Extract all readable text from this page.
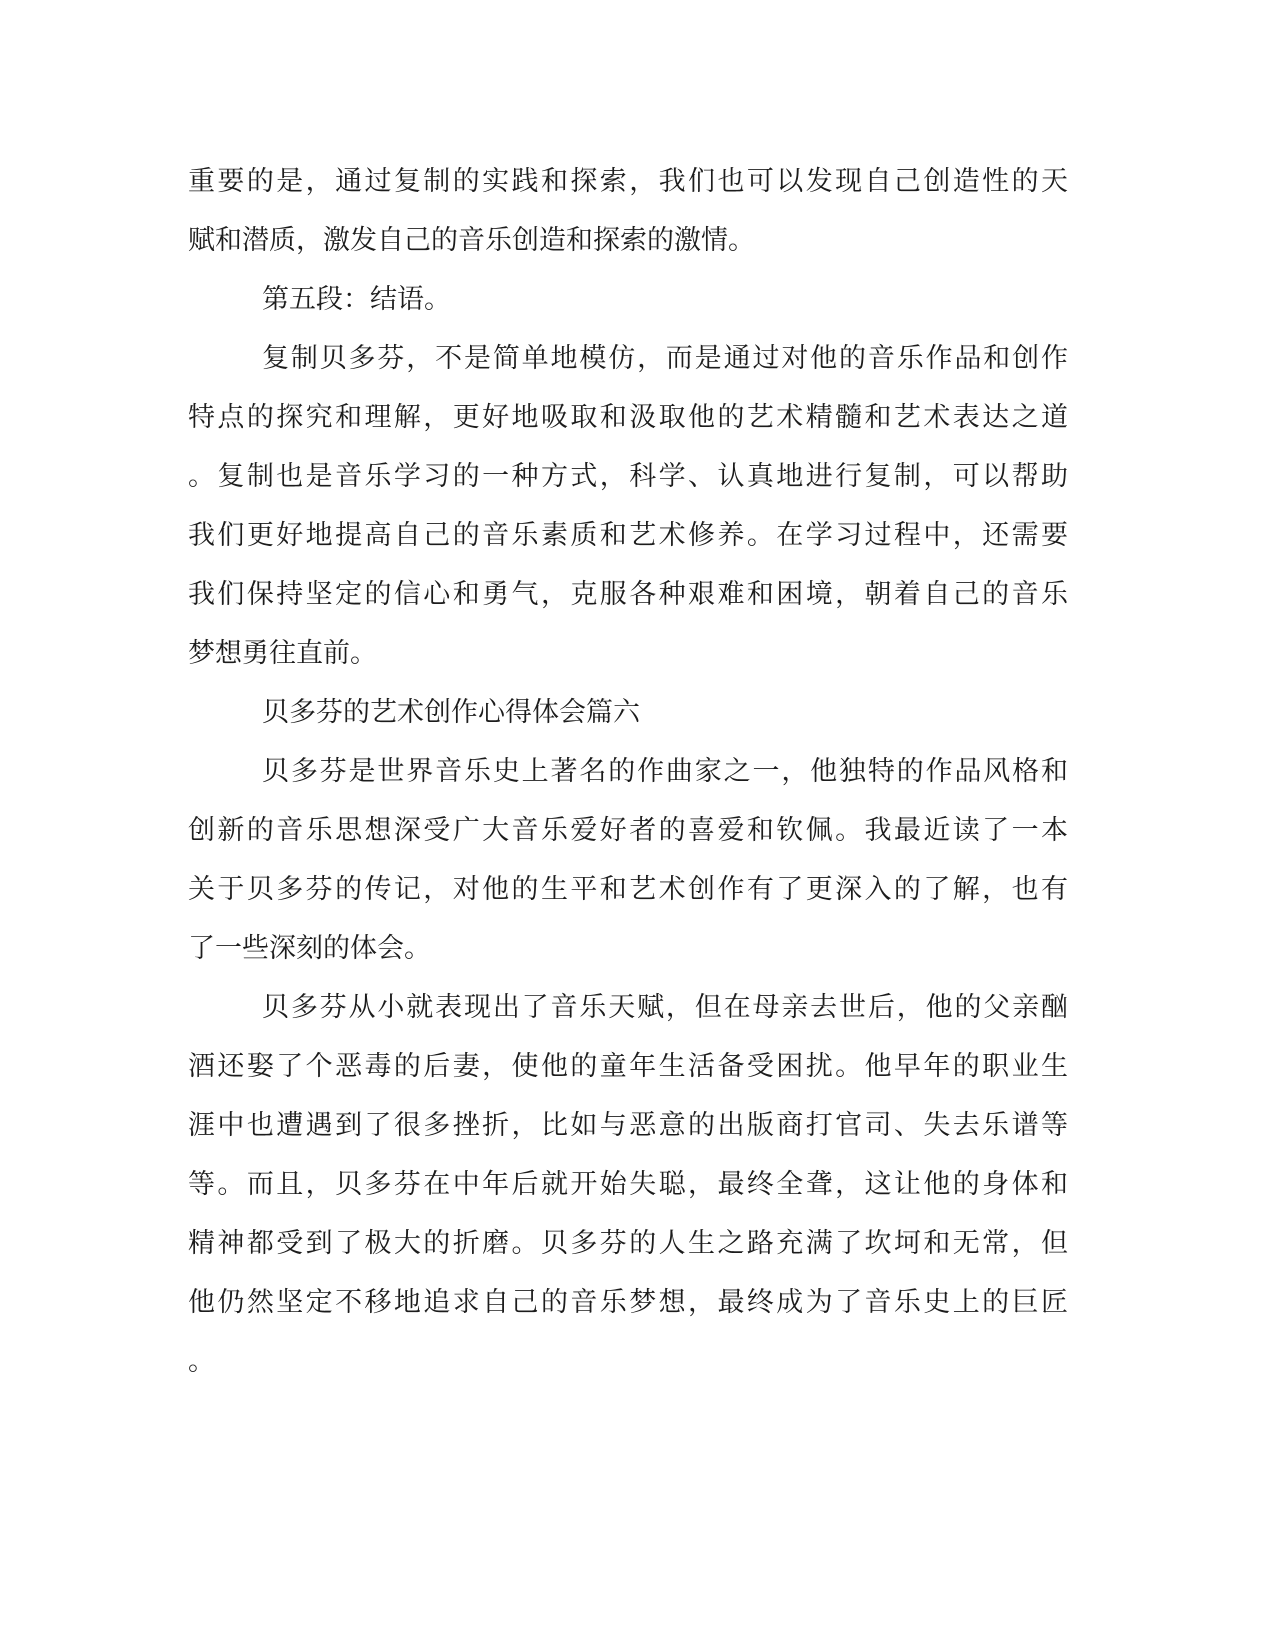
重要的是，通过复制的实践和探索，我们也可以发现自己创造性的天
赋和潜质，激发自己的音乐创造和探索的激情。
第五段：结语。
复制贝多芬，不是简单地模仿，而是通过对他的音乐作品和创作
特点的探究和理解，更好地吸取和汲取他的艺术精髓和艺术表达之道
。复制也是音乐学习的一种方式，科学、认真地进行复制，可以帮助
我们更好地提高自己的音乐素质和艺术修养。在学习过程中，还需要
我们保持坚定的信心和勇气，克服各种艰难和困境，朝着自己的音乐
梦想勇往直前。
贝多芬的艺术创作心得体会篇六
贝多芬是世界音乐史上著名的作曲家之一，他独特的作品风格和
创新的音乐思想深受广大音乐爱好者的喜爱和钦佩。我最近读了一本
关于贝多芬的传记，对他的生平和艺术创作有了更深入的了解，也有
了一些深刻的体会。
贝多芬从小就表现出了音乐天赋，但在母亲去世后，他的父亲酗
酒还娶了个恶毒的后妻，使他的童年生活备受困扰。他早年的职业生
涯中也遭遇到了很多挫折，比如与恶意的出版商打官司、失去乐谱等
等。而且，贝多芬在中年后就开始失聪，最终全聋，这让他的身体和
精神都受到了极大的折磨。贝多芬的人生之路充满了坎坷和无常，但
他仍然坚定不移地追求自己的音乐梦想，最终成为了音乐史上的巨匠
。
